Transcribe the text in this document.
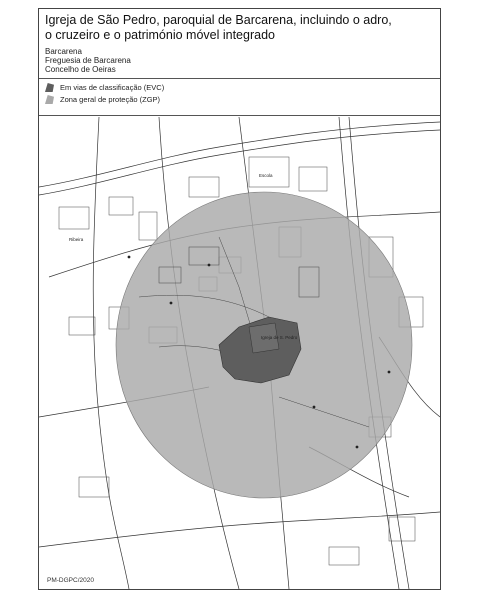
Igreja de São Pedro, paroquial de Barcarena, incluindo o adro,
o cruzeiro e o património móvel integrado
Barcarena
Freguesia de Barcarena
Concelho de Oeiras
Em vias de classificação (EVC)
Zona geral de proteção (ZGP)
Igreja de S. Pedro
Ribeira
Escola
PM-DGPC/2020
